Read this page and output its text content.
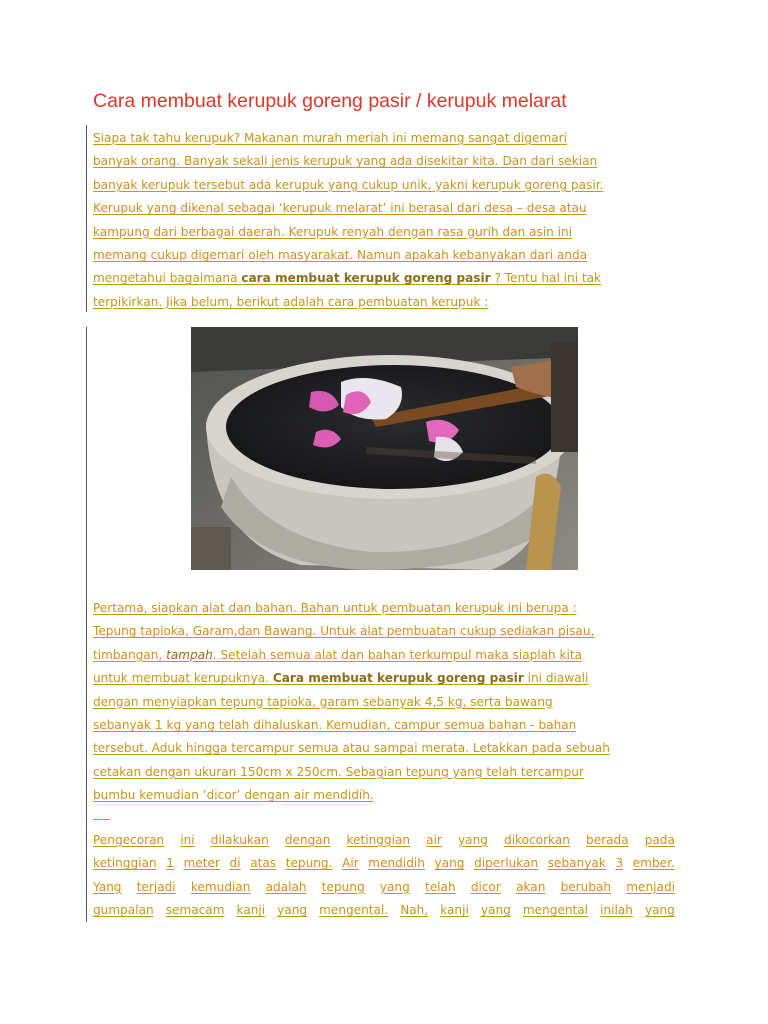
Cara membuat kerupuk goreng pasir / kerupuk melarat
Siapa tak tahu kerupuk? Makanan murah meriah ini memang sangat digemari
banyak orang. Banyak sekali jenis kerupuk yang ada disekitar kita. Dan dari sekian
banyak kerupuk tersebut ada kerupuk yang cukup unik, yakni kerupuk goreng pasir.
Kerupuk yang dikenal sebagai ‘kerupuk melarat’ ini berasal dari desa – desa atau
kampung dari berbagai daerah. Kerupuk renyah dengan rasa gurih dan asin ini
memang cukup digemari oleh masyarakat. Namun apakah kebanyakan dari anda
mengetahui bagaimana cara membuat kerupuk goreng pasir ? Tentu hal ini tak
terpikirkan. Jika belum, berikut adalah cara pembuatan kerupuk :
Pertama, siapkan alat dan bahan. Bahan untuk pembuatan kerupuk ini berupa :
Tepung tapioka, Garam,dan Bawang. Untuk alat pembuatan cukup sediakan pisau,
timbangan, tampah. Setelah semua alat dan bahan terkumpul maka siaplah kita
untuk membuat kerupuknya. Cara membuat kerupuk goreng pasir ini diawali
dengan menyiapkan tepung tapioka, garam sebanyak 4,5 kg, serta bawang
sebanyak 1 kg yang telah dihaluskan. Kemudian, campur semua bahan - bahan
tersebut. Aduk hingga tercampur semua atau sampai merata. Letakkan pada sebuah
cetakan dengan ukuran 150cm x 250cm. Sebagian tepung yang telah tercampur
bumbu kemudian ‘dicor’ dengan air mendidih.
Pengecoran ini dilakukan dengan ketinggian air yang dikocorkan berada pada
ketinggian 1 meter di atas tepung. Air mendidih yang diperlukan sebanyak 3 ember.
Yang terjadi kemudian adalah tepung yang telah dicor akan berubah menjadi
gumpalan semacam kanji yang mengental. Nah, kanji yang mengental inilah yang
